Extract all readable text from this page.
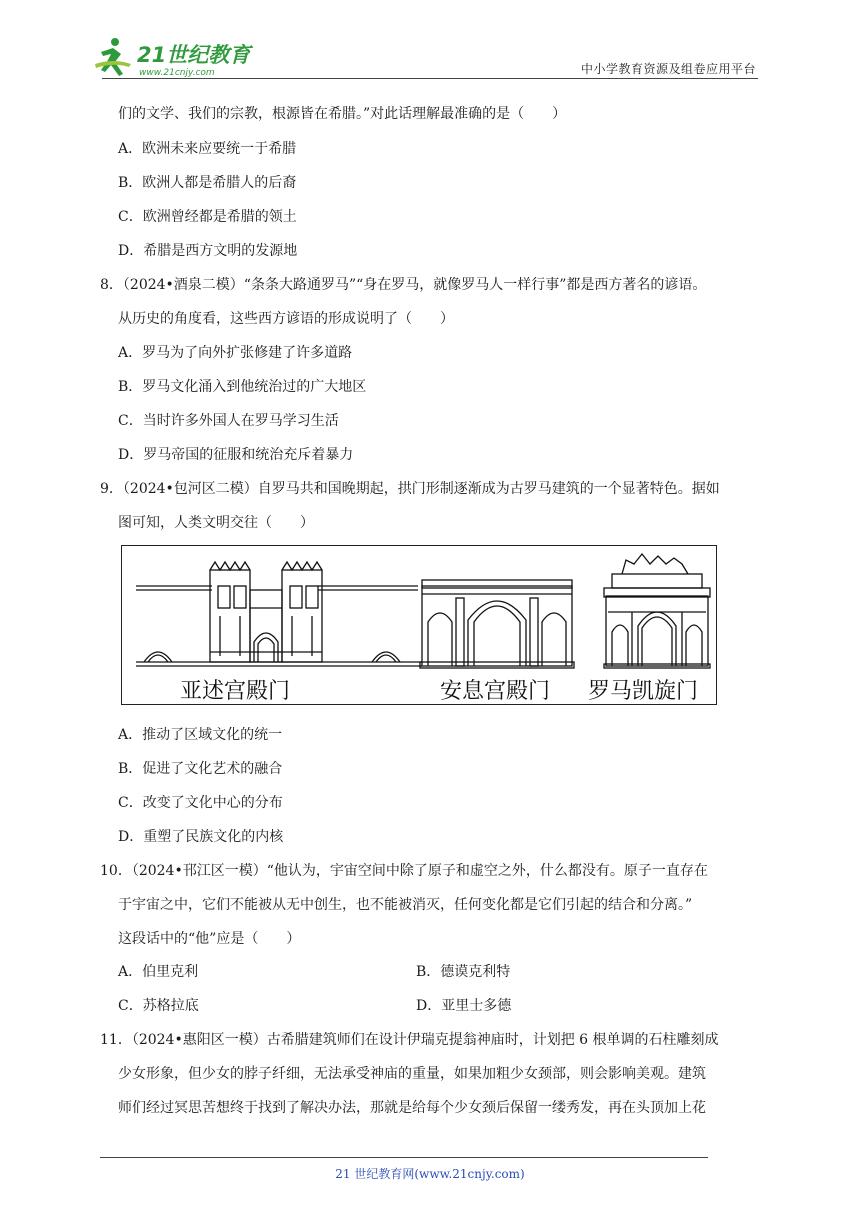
21世纪教育
www.21cnjy.com	中小学教育资源及组卷应用平台
们的文学、我们的宗教，根源皆在希腊。”对此话理解最准确的是（　　）
A．欧洲未来应要统一于希腊
B．欧洲人都是希腊人的后裔
C．欧洲曾经都是希腊的领土
D．希腊是西方文明的发源地
8．（2024•酒泉二模）“条条大路通罗马”“身在罗马，就像罗马人一样行事”都是西方著名的谚语。
从历史的角度看，这些西方谚语的形成说明了（　　）
A．罗马为了向外扩张修建了许多道路
B．罗马文化涌入到他统治过的广大地区
C．当时许多外国人在罗马学习生活
D．罗马帝国的征服和统治充斥着暴力
9．（2024•包河区二模）自罗马共和国晚期起，拱门形制逐渐成为古罗马建筑的一个显著特色。据如
图可知，人类文明交往（　　）
亚述宫殿门	安息宫殿门 罗马凯旋门
A．推动了区域文化的统一
B．促进了文化艺术的融合
C．改变了文化中心的分布
D．重塑了民族文化的内核
10．（2024•邗江区一模）“他认为，宇宙空间中除了原子和虚空之外，什么都没有。原子一直存在
于宇宙之中，它们不能被从无中创生，也不能被消灭，任何变化都是它们引起的结合和分离。”
这段话中的“他”应是（　　）
A．伯里克利	B．德谟克利特
C．苏格拉底	D．亚里士多德
11．（2024•惠阳区一模）古希腊建筑师们在设计伊瑞克提翁神庙时，计划把 6 根单调的石柱雕刻成
少女形象，但少女的脖子纤细，无法承受神庙的重量，如果加粗少女颈部，则会影响美观。建筑
师们经过冥思苦想终于找到了解决办法，那就是给每个少女颈后保留一缕秀发，再在头顶加上花
21 世纪教育网(www.21cnjy.com)
